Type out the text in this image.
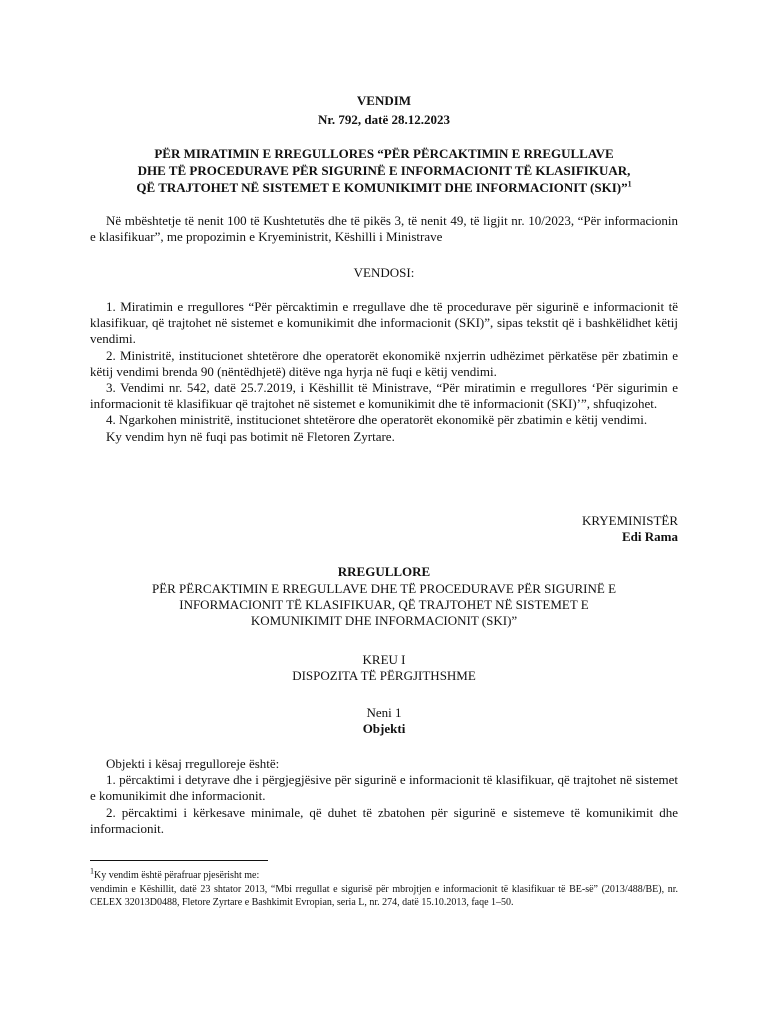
VENDIM
Nr. 792, datë 28.12.2023
PËR MIRATIMIN E RREGULLORES “PËR PËRCAKTIMIN E RREGULLAVE
DHE TË PROCEDURAVE PËR SIGURINË E INFORMACIONIT TË KLASIFIKUAR,
QË TRAJTOHET NË SISTEMET E KOMUNIKIMIT DHE INFORMACIONIT (SKI)”$^1$

Në mbështetje të nenit 100 të Kushtetutës dhe të pikës 3, të nenit 49, të ligjit nr. 10/2023, “Për informacionin e klasifikuar”, me propozimin e Kryeministrit, Këshilli i Ministrave

VENDOSI:

1. Miratimin e rregullores “Për përcaktimin e rregullave dhe të procedurave për sigurinë e informacionit të klasifikuar, që trajtohet në sistemet e komunikimit dhe informacionit (SKI)”, sipas tekstit që i bashkëlidhet këtij vendimi.

2. Ministritë, institucionet shtetërore dhe operatorët ekonomikë nxjerrin udhëzimet përkatëse për zbatimin e këtij vendimi brenda 90 (nëntëdhjetë) ditëve nga hyrja në fuqi e këtij vendimi.

3. Vendimi nr. 542, datë 25.7.2019, i Këshillit të Ministrave, “Për miratimin e rregullores ‘Për sigurimin e informacionit të klasifikuar që trajtohet në sistemet e komunikimit dhe të informacionit (SKI)’”, shfuqizohet.

4. Ngarkohen ministritë, institucionet shtetërore dhe operatorët ekonomikë për zbatimin e këtij vendimi.

Ky vendim hyn në fuqi pas botimit në Fletoren Zyrtare.

KRYEMINISTËR
Edi Rama
RREGULLORE
PËR PËRCAKTIMIN E RREGULLAVE DHE TË PROCEDURAVE PËR SIGURINË E
INFORMACIONIT TË KLASIFIKUAR, QË TRAJTOHET NË SISTEMET E
KOMUNIKIMIT DHE INFORMACIONIT (SKI)”
KREU I
DISPOZITA TË PËRGJITHSHME
Neni 1
Objekti

Objekti i kësaj rregulloreje është:

1. përcaktimi i detyrave dhe i përgjegjësive për sigurinë e informacionit të klasifikuar, që trajtohet në sistemet e komunikimit dhe informacionit.

2. përcaktimi i kërkesave minimale, që duhet të zbatohen për sigurinë e sistemeve të komunikimit dhe informacionit.

$^1$Ky vendim është përafruar pjesërisht me:

vendimin e Këshillit, datë 23 shtator 2013, “Mbi rregullat e sigurisë për mbrojtjen e informacionit të klasifikuar të BE-së” (2013/488/BE), nr. CELEX 32013D0488, Fletore Zyrtare e Bashkimit Evropian, seria L, nr. 274, datë 15.10.2013, faqe 1–50.
